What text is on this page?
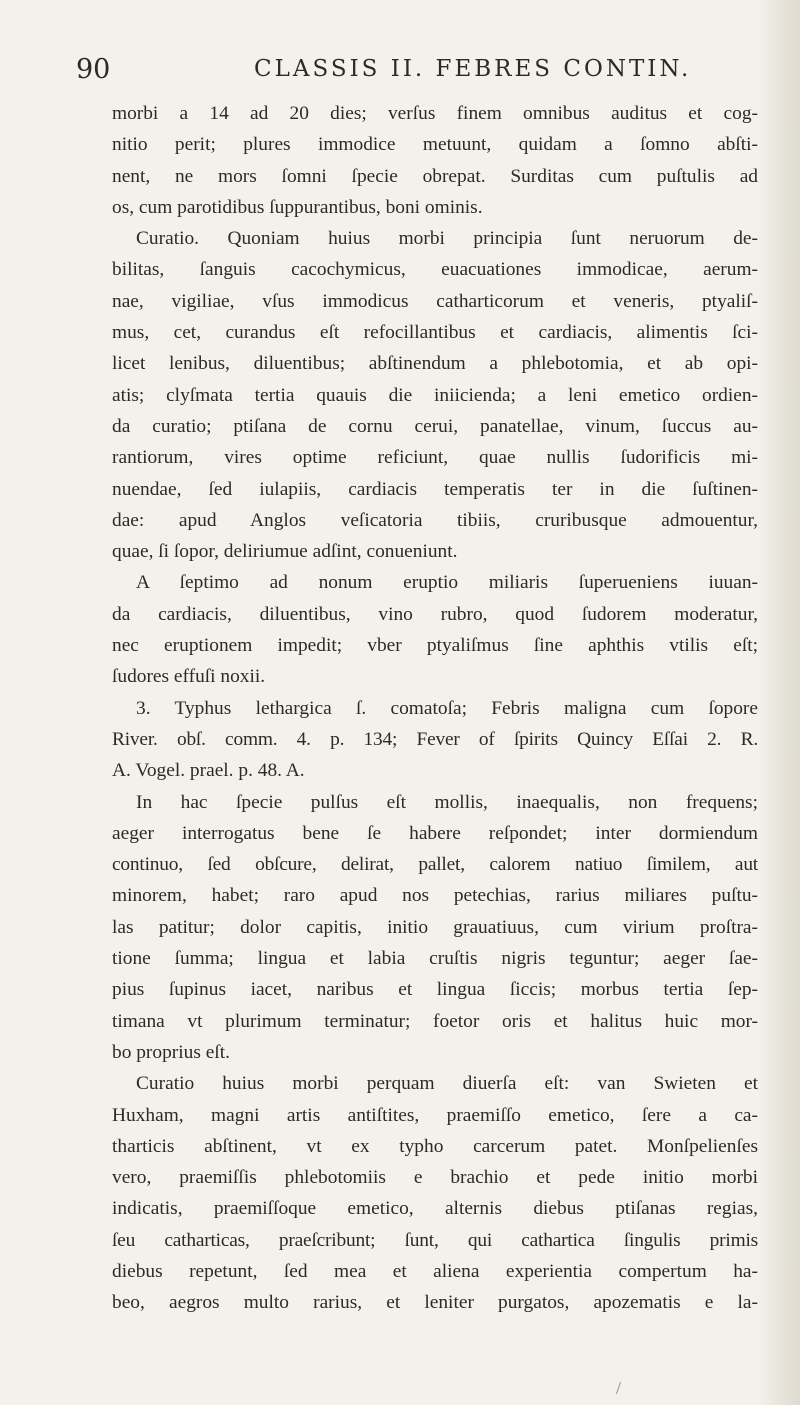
90	CLASSIS II. FEBRES CONTIN.
morbi a 14 ad 20 dies; verſus finem omnibus auditus et cog-
nitio perit; plures immodice metuunt, quidam a ſomno abſti-
nent, ne mors ſomni ſpecie obrepat. Surditas cum puſtulis ad
os, cum parotidibus ſuppurantibus, boni ominis.
Curatio. Quoniam huius morbi principia ſunt neruorum de-
bilitas, ſanguis cacochymicus, euacuationes immodicae, aerum-
nae, vigiliae, vſus immodicus catharticorum et veneris, ptyaliſ-
mus, cet, curandus eſt refocillantibus et cardiacis, alimentis ſci-
licet lenibus, diluentibus; abſtinendum a phlebotomia, et ab opi-
atis; clyſmata tertia quauis die iniicienda; a leni emetico ordien-
da curatio; ptiſana de cornu cerui, panatellae, vinum, ſuccus au-
rantiorum, vires optime reficiunt, quae nullis ſudorificis mi-
nuendae, ſed iulapiis, cardiacis temperatis ter in die ſuſtinen-
dae: apud Anglos veſicatoria tibiis, cruribusque admouentur,
quae, ſi ſopor, deliriumue adſint, conueniunt.
A ſeptimo ad nonum eruptio miliaris ſuperueniens iuuan-
da cardiacis, diluentibus, vino rubro, quod ſudorem moderatur,
nec eruptionem impedit; vber ptyaliſmus ſine aphthis vtilis eſt;
ſudores effuſi noxii.
3. Typhus lethargica ſ. comatoſa; Febris maligna cum ſopore
River. obſ. comm. 4. p. 134; Fever of ſpirits Quincy Eſſai 2. R.
A. Vogel. prael. p. 48. A.
In hac ſpecie pulſus eſt mollis, inaequalis, non frequens;
aeger interrogatus bene ſe habere reſpondet; inter dormiendum
continuo, ſed obſcure, delirat, pallet, calorem natiuo ſimilem, aut
minorem, habet; raro apud nos petechias, rarius miliares puſtu-
las patitur; dolor capitis, initio grauatiuus, cum virium proſtra-
tione ſumma; lingua et labia cruſtis nigris teguntur; aeger ſae-
pius ſupinus iacet, naribus et lingua ſiccis; morbus tertia ſep-
timana vt plurimum terminatur; foetor oris et halitus huic mor-
bo proprius eſt.
Curatio huius morbi perquam diuerſa eſt: van Swieten et
Huxham, magni artis antiſtites, praemiſſo emetico, ſere a ca-
tharticis abſtinent, vt ex typho carcerum patet. Monſpelienſes
vero, praemiſſis phlebotomiis e brachio et pede initio morbi
indicatis, praemiſſoque emetico, alternis diebus ptiſanas regias,
ſeu catharticas, praeſcribunt; ſunt, qui cathartica ſingulis primis
diebus repetunt, ſed mea et aliena experientia compertum ha-
beo, aegros multo rarius, et leniter purgatos, apozematis e la-
/
